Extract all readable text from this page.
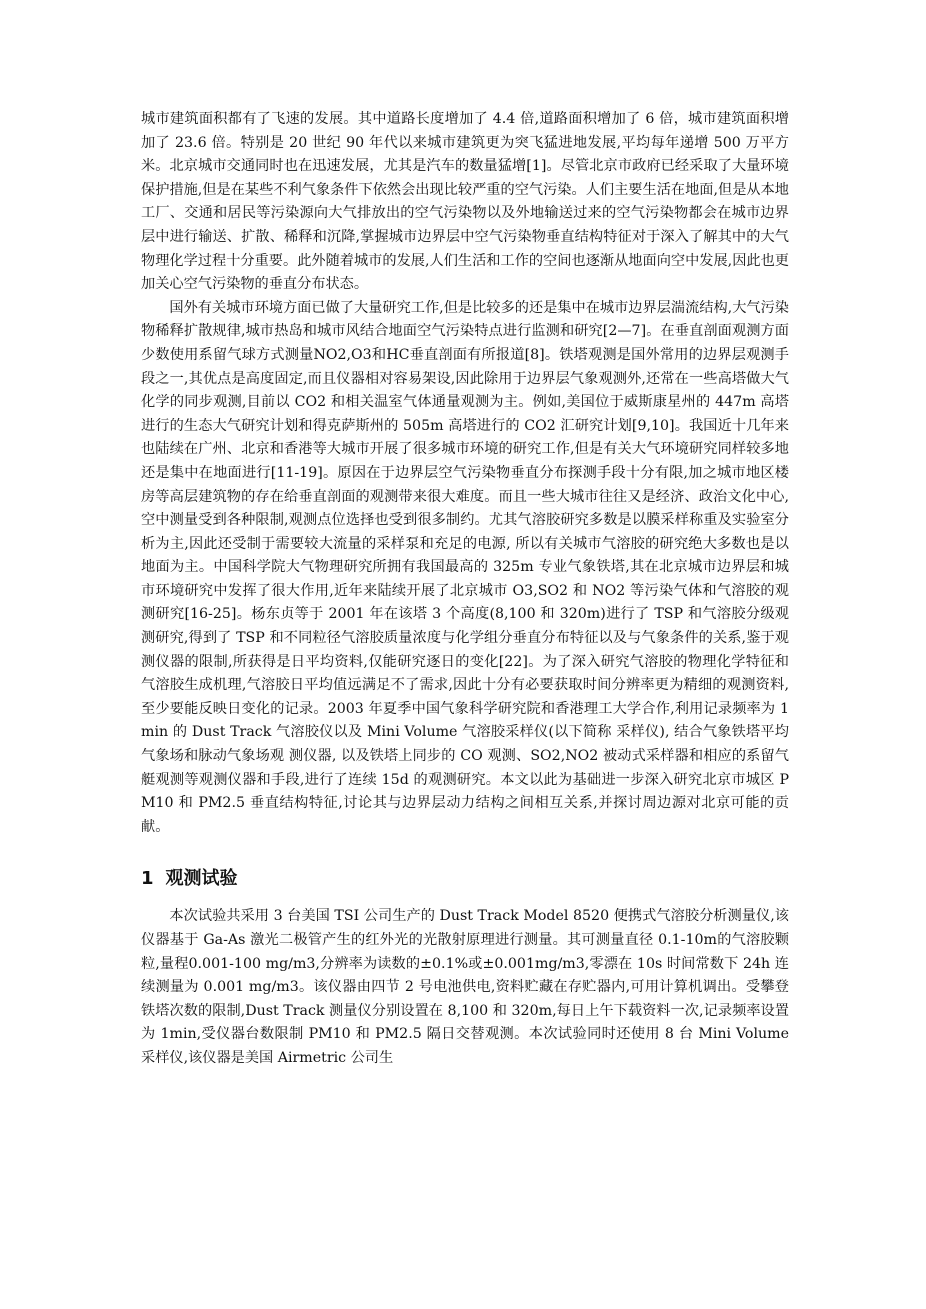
城市建筑面积都有了飞速的发展。其中道路长度增加了 4.4 倍,道路面积增加了 6 倍，城市建筑面积增加了 23.6 倍。特别是 20 世纪 90 年代以来城市建筑更为突飞猛进地发展,平均每年递增 500 万平方米。北京城市交通同时也在迅速发展，尤其是汽车的数量猛增[1]。尽管北京市政府已经采取了大量环境保护措施,但是在某些不利气象条件下依然会出现比较严重的空气污染。人们主要生活在地面,但是从本地工厂、交通和居民等污染源向大气排放出的空气污染物以及外地输送过来的空气污染物都会在城市边界层中进行输送、扩散、稀释和沉降,掌握城市边界层中空气污染物垂直结构特征对于深入了解其中的大气物理化学过程十分重要。此外随着城市的发展,人们生活和工作的空间也逐渐从地面向空中发展,因此也更加关心空气污染物的垂直分布状态。

国外有关城市环境方面已做了大量研究工作,但是比较多的还是集中在城市边界层湍流结构,大气污染物稀释扩散规律,城市热岛和城市风结合地面空气污染特点进行监测和研究[2—7]。在垂直剖面观测方面少数使用系留气球方式测量NO2,O3和HC垂直剖面有所报道[8]。铁塔观测是国外常用的边界层观测手段之一,其优点是高度固定,而且仪器相对容易架设,因此除用于边界层气象观测外,还常在一些高塔做大气化学的同步观测,目前以 CO2 和相关温室气体通量观测为主。例如,美国位于威斯康星州的 447m 高塔进行的生态大气研究计划和得克萨斯州的 505m 高塔进行的 CO2 汇研究计划[9,10]。我国近十几年来也陆续在广州、北京和香港等大城市开展了很多城市环境的研究工作,但是有关大气环境研究同样较多地还是集中在地面进行[11-19]。原因在于边界层空气污染物垂直分布探测手段十分有限,加之城市地区楼房等高层建筑物的存在给垂直剖面的观测带来很大难度。而且一些大城市往往又是经济、政治文化中心,空中测量受到各种限制,观测点位选择也受到很多制约。尤其气溶胶研究多数是以膜采样称重及实验室分析为主,因此还受制于需要较大流量的采样泵和充足的电源, 所以有关城市气溶胶的研究绝大多数也是以地面为主。中国科学院大气物理研究所拥有我国最高的 325m 专业气象铁塔,其在北京城市边界层和城市环境研究中发挥了很大作用,近年来陆续开展了北京城市 O3,SO2 和 NO2 等污染气体和气溶胶的观测研究[16-25]。杨东贞等于 2001 年在该塔 3 个高度(8,100 和 320m)进行了 TSP 和气溶胶分级观测研究,得到了 TSP 和不同粒径气溶胶质量浓度与化学组分垂直分布特征以及与气象条件的关系,鉴于观测仪器的限制,所获得是日平均资料,仅能研究逐日的变化[22]。为了深入研究气溶胶的物理化学特征和气溶胶生成机理,气溶胶日平均值远满足不了需求,因此十分有必要获取时间分辨率更为精细的观测资料,至少要能反映日变化的记录。2003 年夏季中国气象科学研究院和香港理工大学合作,利用记录频率为 1min 的 Dust Track 气溶胶仪以及 Mini Volume 气溶胶采样仪(以下简称 采样仪), 结合气象铁塔平均气象场和脉动气象场观 测仪器, 以及铁塔上同步的 CO 观测、SO2,NO2 被动式采样器和相应的系留气艇观测等观测仪器和手段,进行了连续 15d 的观测研究。本文以此为基础进一步深入研究北京市城区 PM10 和 PM2.5 垂直结构特征,讨论其与边界层动力结构之间相互关系,并探讨周边源对北京可能的贡献。

1 观测试验

本次试验共采用 3 台美国 TSI 公司生产的 Dust Track Model 8520 便携式气溶胶分析测量仪,该仪器基于 Ga-As 激光二极管产生的红外光的光散射原理进行测量。其可测量直径 0.1-10m的气溶胶颗粒,量程0.001-100 mg/m3,分辨率为读数的±0.1%或±0.001mg/m3,零漂在 10s 时间常数下 24h 连续测量为 0.001 mg/m3。该仪器由四节 2 号电池供电,资料贮藏在存贮器内,可用计算机调出。受攀登铁塔次数的限制,Dust Track 测量仪分别设置在 8,100 和 320m,每日上午下载资料一次,记录频率设置为 1min,受仪器台数限制 PM10 和 PM2.5 隔日交替观测。本次试验同时还使用 8 台 Mini Volume 采样仪,该仪器是美国 Airmetric 公司生
